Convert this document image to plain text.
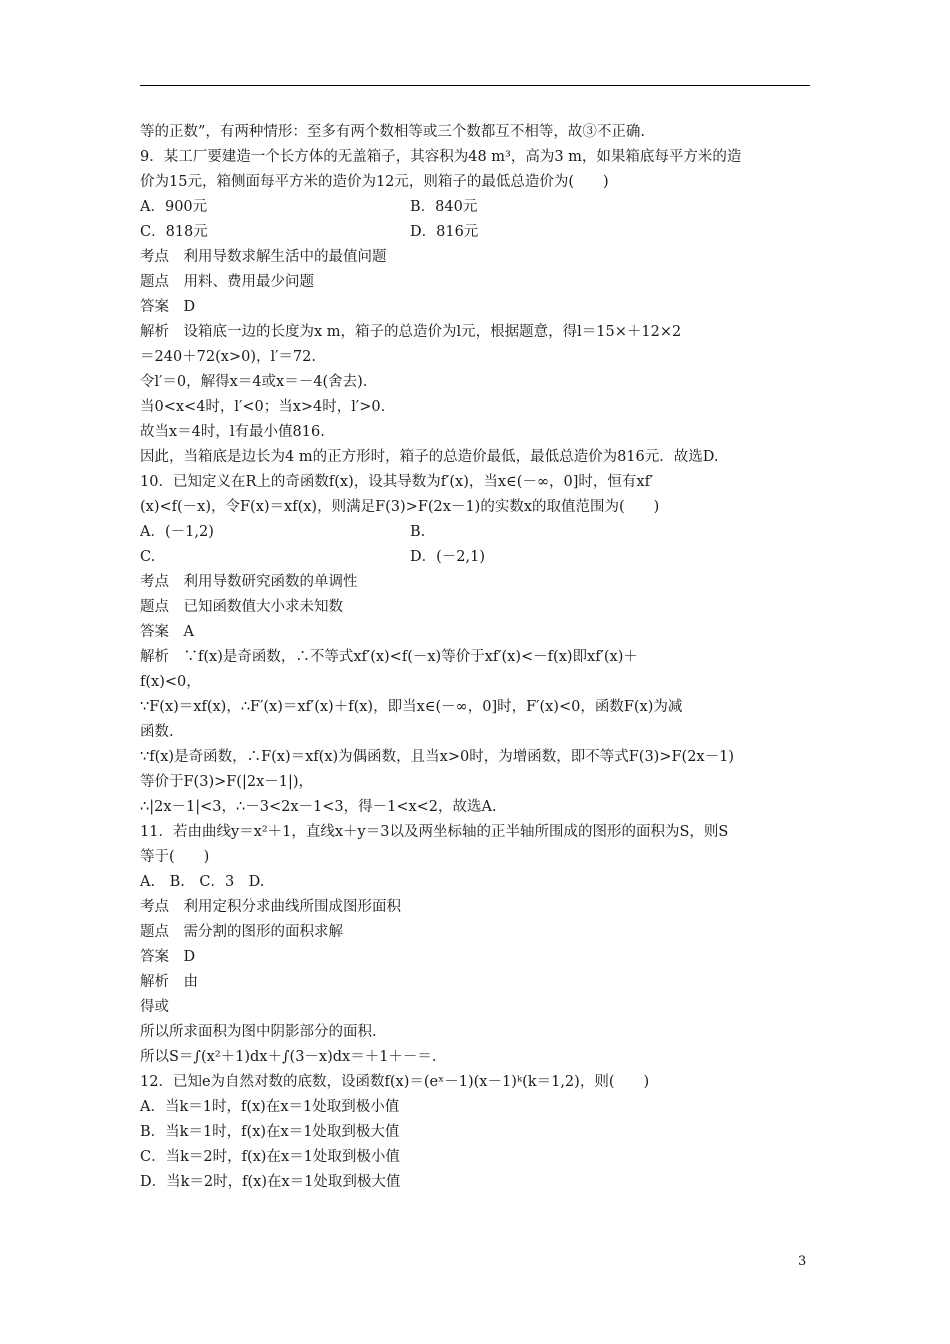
等的正数”，有两种情形：至多有两个数相等或三个数都互不相等，故③不正确.
9．某工厂要建造一个长方体的无盖箱子，其容积为48 m³，高为3 m，如果箱底每平方米的造
价为15元，箱侧面每平方米的造价为12元，则箱子的最低总造价为(　　)
A．900元	B．840元
C．818元	D．816元
考点　利用导数求解生活中的最值问题
题点　用料、费用最少问题
答案　D
解析　设箱底一边的长度为x m，箱子的总造价为l元，根据题意，得l＝15×＋12×2
＝240＋72(x>0)，l′＝72.
令l′＝0，解得x＝4或x＝－4(舍去).
当0<x<4时，l′<0；当x>4时，l′>0.
故当x＝4时，l有最小值816.
因此，当箱底是边长为4 m的正方形时，箱子的总造价最低，最低总造价为816元．故选D.
10．已知定义在R上的奇函数f(x)，设其导数为f′(x)，当x∈(－∞，0]时，恒有xf′
(x)<f(－x)，令F(x)＝xf(x)，则满足F(3)>F(2x－1)的实数x的取值范围为(　　)
A．(－1,2)	B.
C.	D．(－2,1)
考点　利用导数研究函数的单调性
题点　已知函数值大小求未知数
答案　A
解析　∵f(x)是奇函数，∴不等式xf′(x)<f(－x)等价于xf′(x)<－f(x)即xf′(x)＋
f(x)<0，
∵F(x)＝xf(x)，∴F′(x)＝xf′(x)＋f(x)，即当x∈(－∞，0]时，F′(x)<0，函数F(x)为减
函数.
∵f(x)是奇函数，∴F(x)＝xf(x)为偶函数，且当x>0时，为增函数，即不等式F(3)>F(2x－1)
等价于F(3)>F(|2x－1|)，
∴|2x－1|<3，∴－3<2x－1<3，得－1<x<2，故选A.
11．若由曲线y＝x²＋1，直线x＋y＝3以及两坐标轴的正半轴所围成的图形的面积为S，则S
等于(　　)
A.　B.　C．3　D.
考点　利用定积分求曲线所围成图形面积
题点　需分割的图形的面积求解
答案　D
解析　由
得或
所以所求面积为图中阴影部分的面积.
所以S＝∫(x²＋1)dx＋∫(3－x)dx＝＋1＋－＝.
12．已知e为自然对数的底数，设函数f(x)＝(eˣ－1)(x－1)ᵏ(k＝1,2)，则(　　)
A．当k＝1时，f(x)在x＝1处取到极小值
B．当k＝1时，f(x)在x＝1处取到极大值
C．当k＝2时，f(x)在x＝1处取到极小值
D．当k＝2时，f(x)在x＝1处取到极大值
3
